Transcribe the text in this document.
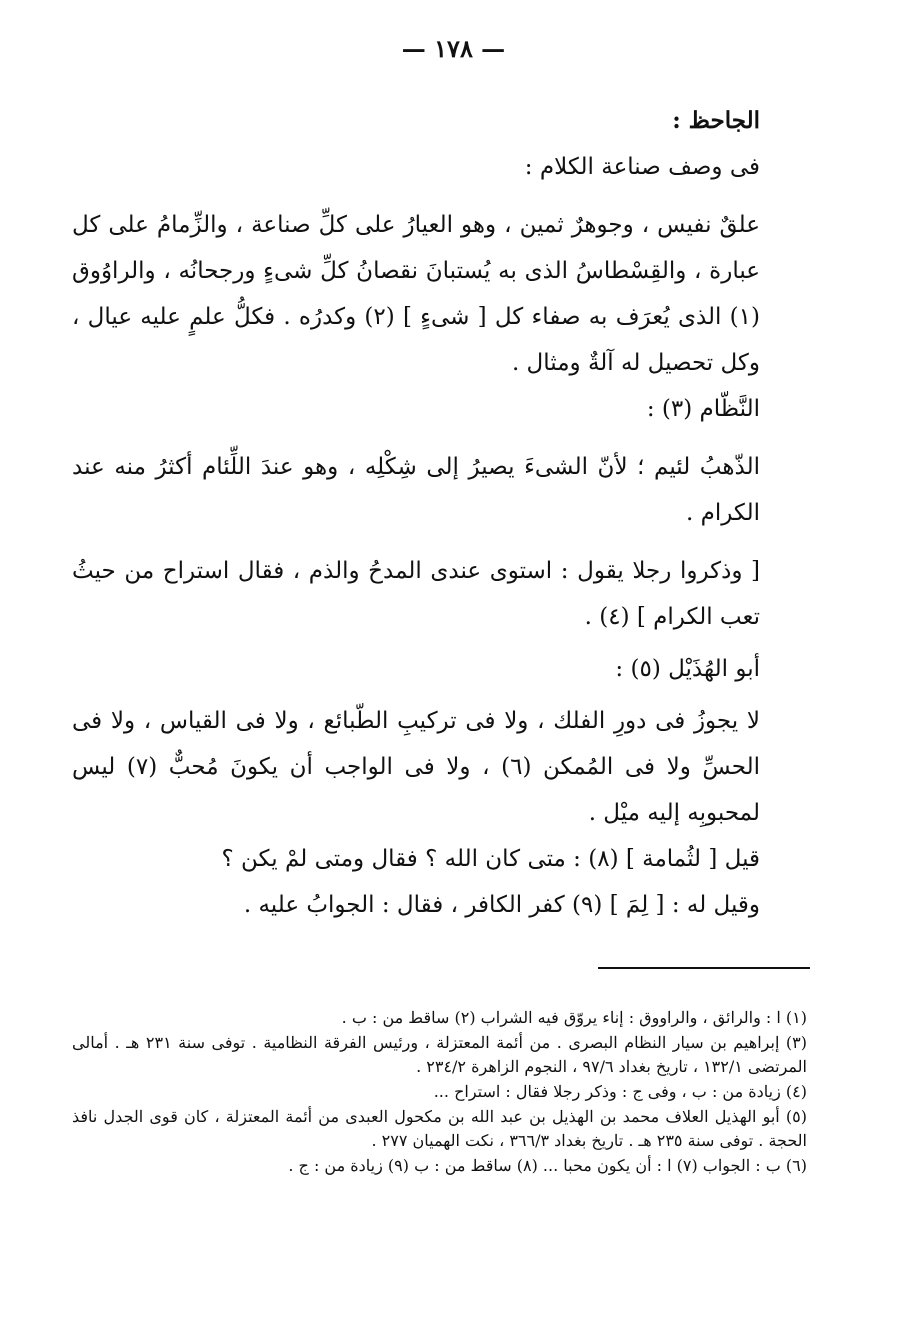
— ١٧٨ —

الجاحظ :

فى وصف صناعة الكلام :

علقٌ نفيس ، وجوهرٌ ثمين ، وهو العيارُ على كلِّ صناعة ، والزِّمامُ على كل عبارة ، والقِسْطاسُ الذى به يُستبانَ نقصانُ كلِّ شىءٍ ورجحانُه ، والراوُوق (١) الذى يُعرَف به صفاء كل [ شىءٍ ] (٢) وكدرُه . فكلُّ علمٍ عليه عيال ، وكل تحصيل له آلةٌ ومثال .

النَّظّام (٣) :

الذّهبُ لئيم ؛ لأنّ الشىءَ يصيرُ إلى شِكْلِه ، وهو عندَ اللِّئام أكثرُ منه عند الكرام .

[ وذكروا رجلا يقول : استوى عندى المدحُ والذم ، فقال استراح من حيثُ تعب الكرام ] (٤) .

أبو الهُذَيْل (٥) :

لا يجوزُ فى دورِ الفلك ، ولا فى تركيبِ الطّبائع ، ولا فى القياس ، ولا فى الحسِّ ولا فى المُمكن (٦) ، ولا فى الواجب أن يكونَ مُحبٌّ (٧) ليس لمحبوبِه إليه ميْل .

قيل [ لثُمامة ] (٨) : متى كان الله ؟ فقال ومتى لمْ يكن ؟

وقيل له : [ لِمَ ] (٩) كفر الكافر ، فقال : الجوابُ عليه .

(١) ا : والرائق ، والراووق : إناء يروّق فيه الشراب (٢) ساقط من : ب .

(٣) إبراهيم بن سيار النظام البصرى . من أئمة المعتزلة ، ورئيس الفرقة النظامية . توفى سنة ٢٣١ هـ . أمالى المرتضى ١٣٢/١ ، تاريخ بغداد ٩٧/٦ ، النجوم الزاهرة ٢٣٤/٢ .

(٤) زيادة من : ب ، وفى ج : وذكر رجلا فقال : استراح ...

(٥) أبو الهذيل العلاف محمد بن الهذيل بن عبد الله بن مكحول العبدى من أئمة المعتزلة ، كان قوى الجدل نافذ الحجة . توفى سنة ٢٣٥ هـ . تاريخ بغداد ٣٦٦/٣ ، نكت الهميان ٢٧٧ .

(٦) ب : الجواب (٧) ا : أن يكون محبا ... (٨) ساقط من : ب (٩) زيادة من : ج .
